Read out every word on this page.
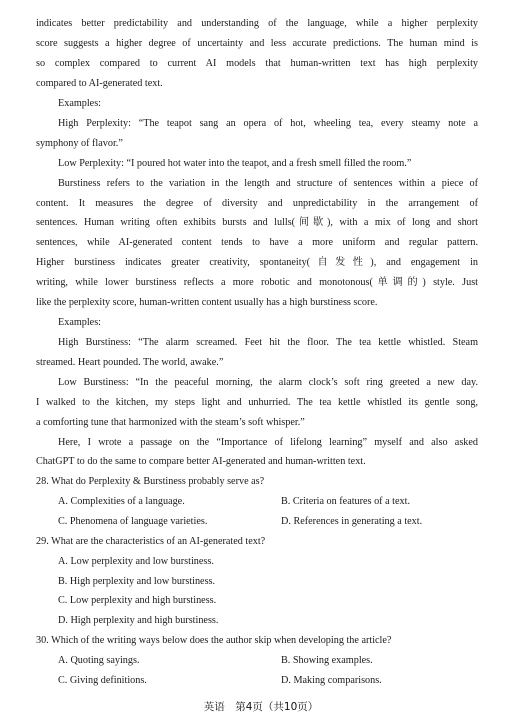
indicates better predictability and understanding of the language, while a higher perplexity
score suggests a higher degree of uncertainty and less accurate predictions. The human mind is
so complex compared to current AI models that human-written text has high perplexity
compared to AI-generated text.
Examples:
High Perplexity: “The teapot sang an opera of hot, wheeling tea, every steamy note a
symphony of flavor.”
Low Perplexity: “I poured hot water into the teapot, and a fresh smell filled the room.”
Burstiness refers to the variation in the length and structure of sentences within a piece of
content. It measures the degree of diversity and unpredictability in the arrangement of
sentences. Human writing often exhibits bursts and lulls(间歇), with a mix of long and short
sentences, while AI-generated content tends to have a more uniform and regular pattern.
Higher burstiness indicates greater creativity, spontaneity(自发性), and engagement in
writing, while lower burstiness reflects a more robotic and monotonous(单调的) style. Just
like the perplexity score, human-written content usually has a high burstiness score.
Examples:
High Burstiness: “The alarm screamed. Feet hit the floor. The tea kettle whistled. Steam
streamed. Heart pounded. The world, awake.”
Low Burstiness: “In the peaceful morning, the alarm clock’s soft ring greeted a new day.
I walked to the kitchen, my steps light and unhurried. The tea kettle whistled its gentle song,
a comforting tune that harmonized with the steam’s soft whisper.”
Here, I wrote a passage on the “Importance of lifelong learning” myself and also asked
ChatGPT to do the same to compare better AI-generated and human-written text.
28. What do Perplexity & Burstiness probably serve as?
A. Complexities of a language.	B. Criteria on features of a text.
C. Phenomena of language varieties.	D. References in generating a text.
29. What are the characteristics of an AI-generated text?
A. Low perplexity and low burstiness.
B. High perplexity and low burstiness.
C. Low perplexity and high burstiness.
D. High perplexity and high burstiness.
30. Which of the writing ways below does the author skip when developing the article?
A. Quoting sayings.	B. Showing examples.
C. Giving definitions.	D. Making comparisons.
英语　第4页（共10页）
